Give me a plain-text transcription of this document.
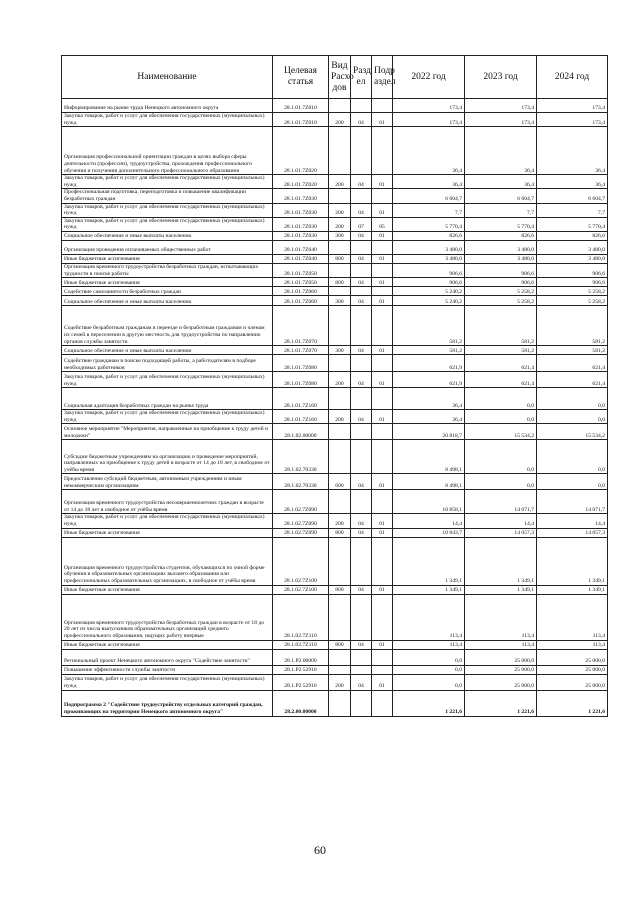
Наименование	Целевая статья	Вид Расхо дов	Разд ел	Подр аздел	2022 год	2023 год	2024 год
Информирование на рынке труда Ненецкого автономного округа	28.1.01.7Z010				173,4	173,4	173,4
Закупка товаров, работ и услуг для обеспечения государственных (муниципальных) нужд	28.1.01.7Z010	200	04	01	173,4	173,4	173,4
Организация профессиональной ориентации граждан в целях выбора сферы деятельности (профессии), трудоустройства, прохождения профессионального обучения и получения дополнительного профессионального образования	28.1.01.7Z020				36,4	36,4	36,4
Закупка товаров, работ и услуг для обеспечения государственных (муниципальных) нужд	28.1.01.7Z020	200	04	01	36,4	36,4	36,4
Профессиональная подготовка, переподготовка и повышение квалификации безработных граждан	28.1.01.7Z030				6 604,7	6 604,7	6 604,7
Закупка товаров, работ и услуг для обеспечения государственных (муниципальных) нужд	28.1.01.7Z030	200	04	01	7,7	7,7	7,7
Закупка товаров, работ и услуг для обеспечения государственных (муниципальных) нужд	28.1.01.7Z030	200	07	05	5 770,4	5 770,4	5 770,4
Социальное обеспечение и иные выплаты населению	28.1.01.7Z030	300	04	01	826,6	826,6	826,6
Организация проведения оплачиваемых общественных работ	28.1.01.7Z040				3 480,0	3 480,0	3 480,0
Иные бюджетные ассигнования	28.1.01.7Z040	800	04	01	3 480,0	3 480,0	3 480,0
Организация временного трудоустройства безработных граждан, испытывающих трудности в поиске работы	28.1.01.7Z050				906,6	906,6	906,6
Иные бюджетные ассигнования	28.1.01.7Z050	800	04	01	906,6	906,6	906,6
Содействие самозанятости безработных граждан	28.1.01.7Z060				5 240,2	5 258,2	5 258,2
Социальное обеспечение и иные выплаты населению	28.1.01.7Z060	300	04	01	5 240,2	5 258,2	5 258,2
Содействие безработным гражданам в переезде и безработным гражданам и членам их семей в переселении в другую местность для трудоустройства по направлению органов службы занятости	28.1.01.7Z070				581,2	581,2	581,2
Социальное обеспечение и иные выплаты населению	28.1.01.7Z070	300	04	01	581,2	581,2	581,2
Содействие гражданам в поиске подходящей работы, а работодателям в подборе необходимых работников	28.1.01.7Z080				621,9	621,4	621,4
Закупка товаров, работ и услуг для обеспечения государственных (муниципальных) нужд	28.1.01.7Z080	200	04	01	621,9	621,4	621,4
Социальная адаптация безработных граждан на рынке труда	28.1.01.7Z160				36,4	0,0	0,0
Закупка товаров, работ и услуг для обеспечения государственных (муниципальных) нужд	28.1.01.7Z160	200	04	01	36,4	0,0	0,0
Основное мероприятие "Мероприятия, направленные на приобщение к труду детей и молодежи"	28.1.02.00000				20 818,7	15 534,2	15 534,2
Субсидии бюджетным учреждениям на организацию и проведение мероприятий, направленных на приобщение к труду детей в возрасте от 14 до 18 лет, в свободное от учёбы время	28.1.02.70330				8 498,1	0,0	0,0
Предоставление субсидий бюджетным, автономным учреждениям и иным некоммерческим организациям	28.1.02.70330	600	04	01	8 498,1	0,0	0,0
Организация временного трудоустройства несовершеннолетних граждан в возрасте от 14 до 18 лет в свободное от учёбы время	28.1.02.7Z090				10 858,1	14 071,7	14 071,7
Закупка товаров, работ и услуг для обеспечения государственных (муниципальных) нужд	28.1.02.7Z090	200	04	01	14,4	14,4	14,4
Иные бюджетные ассигнования	28.1.02.7Z090	800	04	01	10 843,7	14 057,3	14 057,3
Организация временного трудоустройства студентов, обучающихся по очной форме обучения в образовательных организациях высшего образования или профессиональных образовательных организациях, в свободное от учёбы время	28.1.02.7Z100				1 349,1	1 349,1	1 349,1
Иные бюджетные ассигнования	28.1.02.7Z100	800	04	01	1 349,1	1 349,1	1 349,1
Организация временного трудоустройства безработных граждан в возрасте от 18 до 20 лет из числа выпускников образовательных организаций среднего профессионального образования, ищущих работу впервые	28.1.02.7Z110				113,4	113,4	113,4
Иные бюджетные ассигнования	28.1.02.7Z110	800	04	01	113,4	113,4	113,4
Региональный проект Ненецкого автономного округа "Содействие занятости"	28.1.P2.00000				0,0	25 000,0	25 000,0
Повышение эффективности службы занятости	28.1.P2.52910				0,0	25 000,0	25 000,0
Закупка товаров, работ и услуг для обеспечения государственных (муниципальных) нужд	28.1.P2.52910	200	04	01	0,0	25 000,0	25 000,0
Подпрограмма 2 "Содействие трудоустройству отдельных категорий граждан, проживающих на территории Ненецкого автономного округа"	28.2.00.00000				1 221,6	1 221,6	1 221,6
60
